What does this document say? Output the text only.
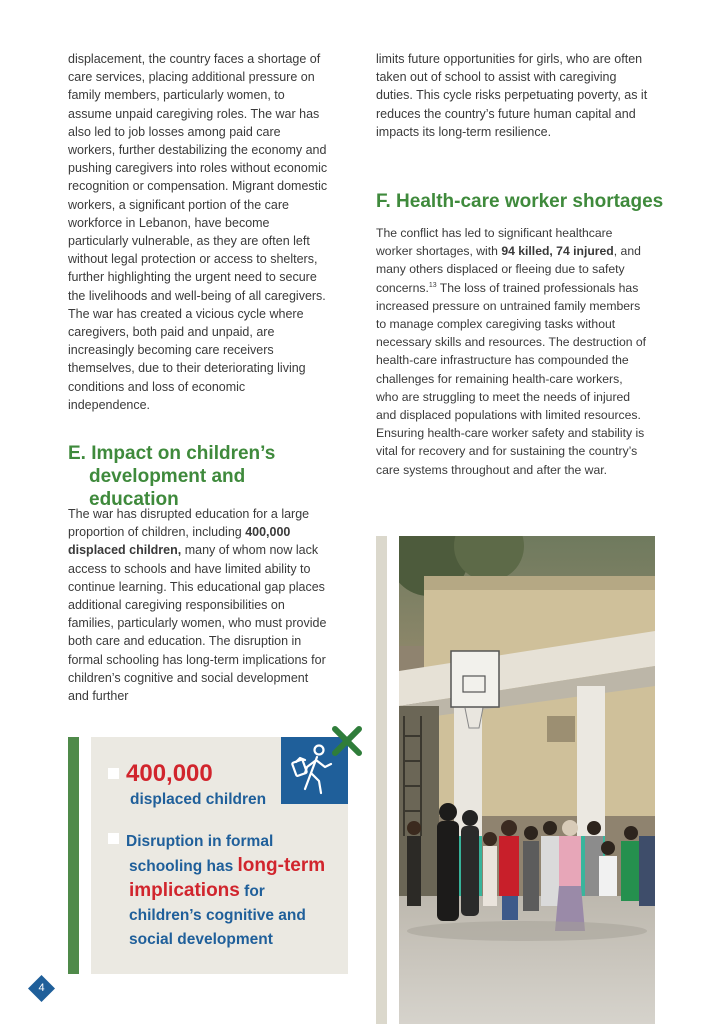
displacement, the country faces a shortage of care services, placing additional pressure on family members, particularly women, to assume unpaid caregiving roles. The war has also led to job losses among paid care workers, further destabilizing the economy and pushing caregivers into roles without economic recognition or compensation. Migrant domestic workers, a significant portion of the care workforce in Lebanon, have become particularly vulnerable, as they are often left without legal protection or access to shelters, further highlighting the urgent need to secure the livelihoods and well-being of all caregivers. The war has created a vicious cycle where caregivers, both paid and unpaid, are increasingly becoming care receivers themselves, due to their deteriorating living conditions and loss of economic independence.

E. Impact on children’s
development and education

The war has disrupted education for a large proportion of children, including 400,000 displaced children, many of whom now lack access to schools and have limited ability to continue learning. This educational gap places additional caregiving responsibilities on families, particularly women, who must provide both care and education. The disruption in formal schooling has long-term implications for children’s cognitive and social development and further

limits future opportunities for girls, who are often taken out of school to assist with caregiving duties. This cycle risks perpetuating poverty, as it reduces the country’s future human capital and impacts its long-term resilience.

F. Health-care worker shortages

The conflict has led to significant healthcare worker shortages, with 94 killed, 74 injured, and many others displaced or fleeing due to safety concerns.$^{13}$ The loss of trained professionals has increased pressure on untrained family members to manage complex caregiving tasks without necessary skills and resources. The destruction of health-care infrastructure has compounded the challenges for remaining health-care workers, who are struggling to meet the needs of injured and displaced populations with limited resources. Ensuring health-care worker safety and stability is vital for recovery and for sustaining the country’s care systems throughout and after the war.

400,000
displaced children
Disruption in formal
schooling has long-term implications for children’s cognitive and social development
4
